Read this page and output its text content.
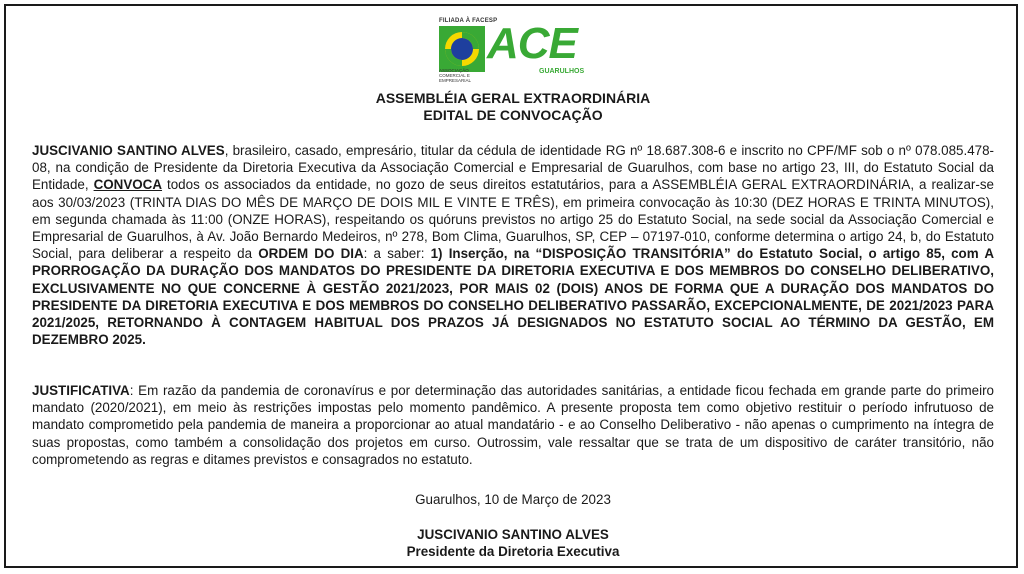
FILIADA À FACESP
ACE
ASSOCIAÇÃO COMERCIAL E EMPRESARIAL
GUARULHOS
ASSEMBLÉIA GERAL EXTRAORDINÁRIA
EDITAL DE CONVOCAÇÃO
JUSCIVANIO SANTINO ALVES, brasileiro, casado, empresário, titular da cédula de identidade RG nº 18.687.308-6 e inscrito no CPF/MF sob o nº 078.085.478-08, na condição de Presidente da Diretoria Executiva da Associação Comercial e Empresarial de Guarulhos, com base no artigo 23, III, do Estatuto Social da Entidade, CONVOCA todos os associados da entidade, no gozo de seus direitos estatutários, para a ASSEMBLÉIA GERAL EXTRAORDINÁRIA, a realizar-se aos 30/03/2023 (TRINTA DIAS DO MÊS DE MARÇO DE DOIS MIL E VINTE E TRÊS), em primeira convocação às 10:30 (DEZ HORAS E TRINTA MINUTOS), em segunda chamada às 11:00 (ONZE HORAS), respeitando os quóruns previstos no artigo 25 do Estatuto Social, na sede social da Associação Comercial e Empresarial de Guarulhos, à Av. João Bernardo Medeiros, nº 278, Bom Clima, Guarulhos, SP, CEP – 07197-010, conforme determina o artigo 24, b, do Estatuto Social, para deliberar a respeito da ORDEM DO DIA: a saber: 1) Inserção, na “DISPOSIÇÃO TRANSITÓRIA” do Estatuto Social, o artigo 85, com A PRORROGAÇÃO DA DURAÇÃO DOS MANDATOS DO PRESIDENTE DA DIRETORIA EXECUTIVA E DOS MEMBROS DO CONSELHO DELIBERATIVO, EXCLUSIVAMENTE NO QUE CONCERNE À GESTÃO 2021/2023, POR MAIS 02 (DOIS) ANOS DE FORMA QUE A DURAÇÃO DOS MANDATOS DO PRESIDENTE DA DIRETORIA EXECUTIVA E DOS MEMBROS DO CONSELHO DELIBERATIVO PASSARÃO, EXCEPCIONALMENTE, DE 2021/2023 PARA 2021/2025, RETORNANDO À CONTAGEM HABITUAL DOS PRAZOS JÁ DESIGNADOS NO ESTATUTO SOCIAL AO TÉRMINO DA GESTÃO, EM DEZEMBRO 2025.
JUSTIFICATIVA: Em razão da pandemia de coronavírus e por determinação das autoridades sanitárias, a entidade ficou fechada em grande parte do primeiro mandato (2020/2021), em meio às restrições impostas pelo momento pandêmico. A presente proposta tem como objetivo restituir o período infrutuoso de mandato comprometido pela pandemia de maneira a proporcionar ao atual mandatário - e ao Conselho Deliberativo - não apenas o cumprimento na íntegra de suas propostas, como também a consolidação dos projetos em curso. Outrossim, vale ressaltar que se trata de um dispositivo de caráter transitório, não comprometendo as regras e ditames previstos e consagrados no estatuto.
Guarulhos, 10 de Março de 2023
JUSCIVANIO SANTINO ALVES
Presidente da Diretoria Executiva
